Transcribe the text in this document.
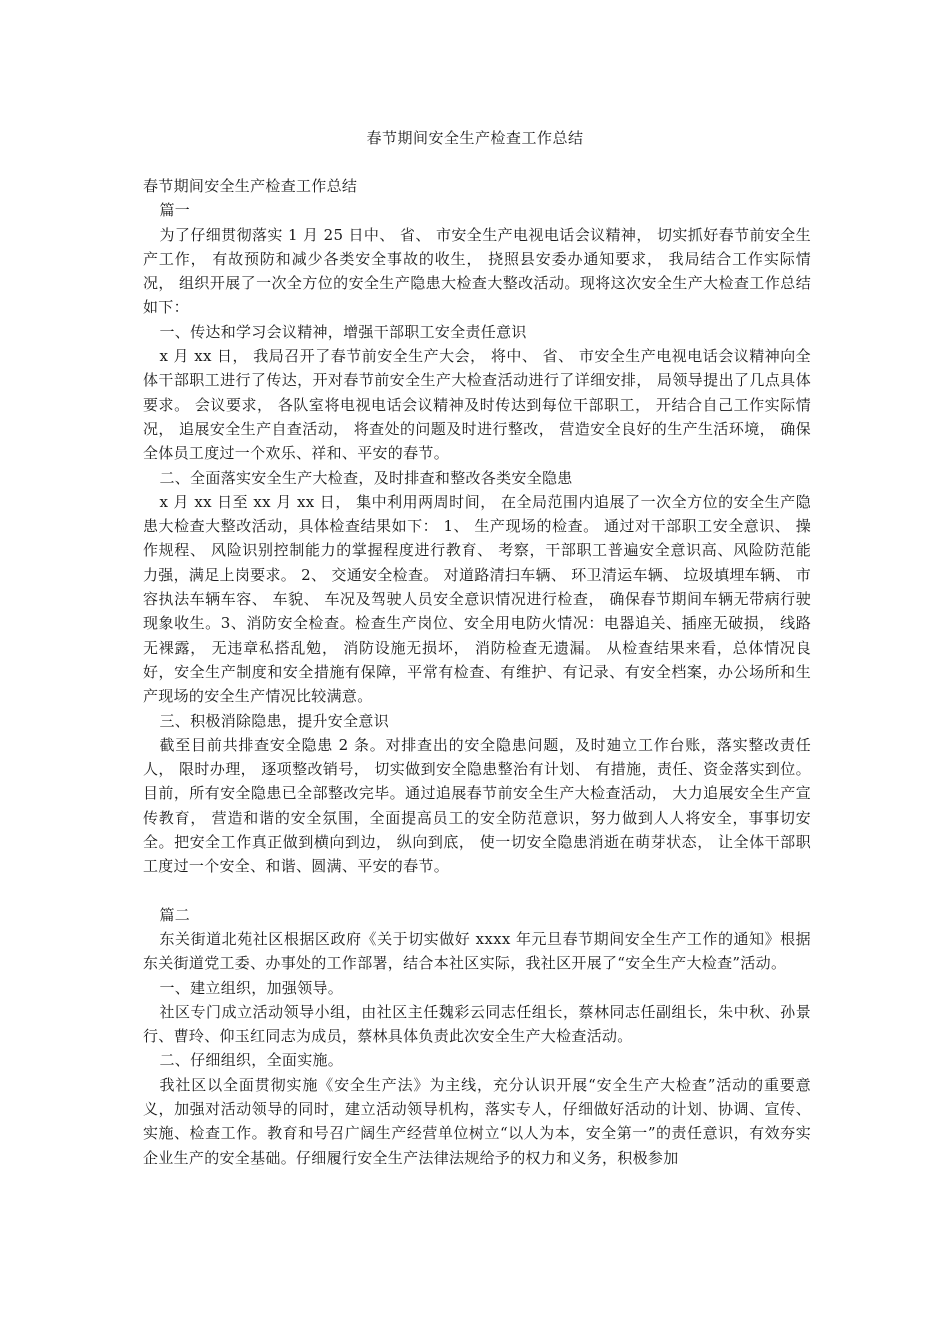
春节期间安全生产检查工作总结

春节期间安全生产检查工作总结

篇一

为了仔细贯彻落实 1 月 25 日中、 省、 市安全生产电视电话会议精神， 切实抓好春节前安全生产工作， 有故预防和减少各类安全事故的收生， 挠照县安委办通知要求， 我局结合工作实际情况， 组织开展了一次全方位的安全生产隐患大检查大整改活动。现将这次安全生产大检查工作总结如下：

一、传达和学习会议精神，增强干部职工安全责任意识

x 月 xx 日， 我局召开了春节前安全生产大会， 将中、 省、 市安全生产电视电话会议精神向全体干部职工进行了传达，开对春节前安全生产大检查活动进行了详细安排， 局领导提出了几点具体要求。 会议要求， 各队室将电视电话会议精神及时传达到每位干部职工， 开结合自己工作实际情况， 追展安全生产自查活动， 将查处的问题及时进行整改， 营造安全良好的生产生活环境， 确保全体员工度过一个欢乐、祥和、平安的春节。

二、全面落实安全生产大检查，及时排查和整改各类安全隐患

x 月 xx 日至 xx 月 xx 日， 集中利用两周时间， 在全局范围内追展了一次全方位的安全生产隐患大检查大整改活动，具体检查结果如下： 1、 生产现场的检查。 通过对干部职工安全意识、 操作规程、 风险识别控制能力的掌握程度进行教育、 考察，干部职工普遍安全意识高、风险防范能力强，满足上岗要求。 2、 交通安全检查。 对道路清扫车辆、 环卫清运车辆、 垃圾填埋车辆、 市容执法车辆车容、 车貌、 车况及驾驶人员安全意识情况进行检查， 确保春节期间车辆无带病行驶现象收生。3、消防安全检查。检查生产岗位、安全用电防火情况：电器追关、插座无破损， 线路无裸露， 无违章私搭乱勉， 消防设施无损坏， 消防检查无遗漏。 从检查结果来看，总体情况良好，安全生产制度和安全措施有保障，平常有检查、有维护、有记录、有安全档案，办公场所和生产现场的安全生产情况比较满意。

三、积极消除隐患，提升安全意识

截至目前共排查安全隐患 2 条。对排查出的安全隐患问题，及时廸立工作台账，落实整改责任人， 限时办理， 逐项整改销号， 切实做到安全隐患整治有计划、 有措施，责任、资金落实到位。目前，所有安全隐患已全部整改完毕。通过追展春节前安全生产大检查活动， 大力追展安全生产宣传教育， 营造和谐的安全氛围，全面提高员工的安全防范意识，努力做到人人将安全，事事切安全。把安全工作真正做到横向到边， 纵向到底， 使一切安全隐患消逝在萌芽状态， 让全体干部职工度过一个安全、和谐、圆满、平安的春节。

篇二

东关街道北苑社区根据区政府《关于切实做好 xxxx 年元旦春节期间安全生产工作的通知》根据东关街道党工委、办事处的工作部署，结合本社区实际，我社区开展了“安全生产大检查”活动。

一、建立组织，加强领导。

社区专门成立活动领导小组，由社区主任魏彩云同志任组长，蔡林同志任副组长，朱中秋、孙景行、曹玲、仰玉红同志为成员，蔡林具体负责此次安全生产大检查活动。

二、仔细组织，全面实施。

我社区以全面贯彻实施《安全生产法》为主线，充分认识开展“安全生产大检查”活动的重要意义，加强对活动领导的同时，建立活动领导机构，落实专人，仔细做好活动的计划、协调、宣传、实施、检查工作。教育和号召广阔生产经营单位树立“以人为本，安全第一”的责任意识，有效夯实企业生产的安全基础。仔细履行安全生产法律法规给予的权力和义务，积极参加
